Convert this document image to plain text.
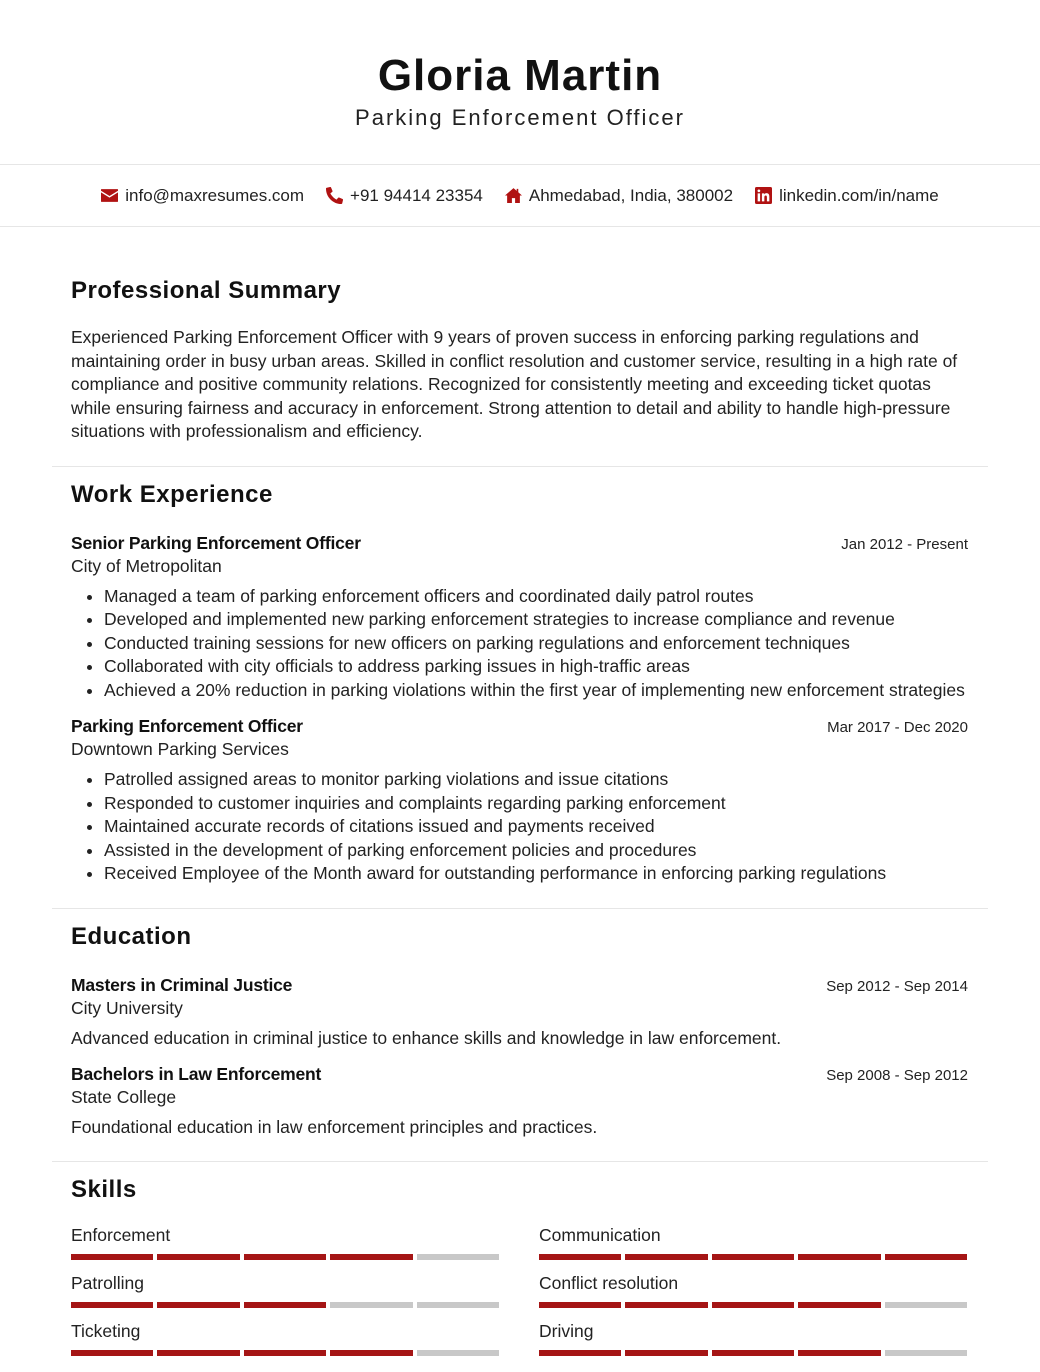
Gloria Martin
Parking Enforcement Officer
info@maxresumes.com	+91 94414 23354	Ahmedabad, India, 380002	linkedin.com/in/name
Professional Summary
Experienced Parking Enforcement Officer with 9 years of proven success in enforcing parking regulations and maintaining order in busy urban areas. Skilled in conflict resolution and customer service, resulting in a high rate of compliance and positive community relations. Recognized for consistently meeting and exceeding ticket quotas while ensuring fairness and accuracy in enforcement. Strong attention to detail and ability to handle high-pressure situations with professionalism and efficiency.
Work Experience
Senior Parking Enforcement Officer	Jan 2012 - Present
City of Metropolitan
• Managed a team of parking enforcement officers and coordinated daily patrol routes
• Developed and implemented new parking enforcement strategies to increase compliance and revenue
• Conducted training sessions for new officers on parking regulations and enforcement techniques
• Collaborated with city officials to address parking issues in high-traffic areas
• Achieved a 20% reduction in parking violations within the first year of implementing new enforcement strategies
Parking Enforcement Officer	Mar 2017 - Dec 2020
Downtown Parking Services
• Patrolled assigned areas to monitor parking violations and issue citations
• Responded to customer inquiries and complaints regarding parking enforcement
• Maintained accurate records of citations issued and payments received
• Assisted in the development of parking enforcement policies and procedures
• Received Employee of the Month award for outstanding performance in enforcing parking regulations
Education
Masters in Criminal Justice	Sep 2012 - Sep 2014
City University
Advanced education in criminal justice to enhance skills and knowledge in law enforcement.
Bachelors in Law Enforcement	Sep 2008 - Sep 2012
State College
Foundational education in law enforcement principles and practices.
Skills
Enforcement	Communication
Patrolling	Conflict resolution
Ticketing	Driving
